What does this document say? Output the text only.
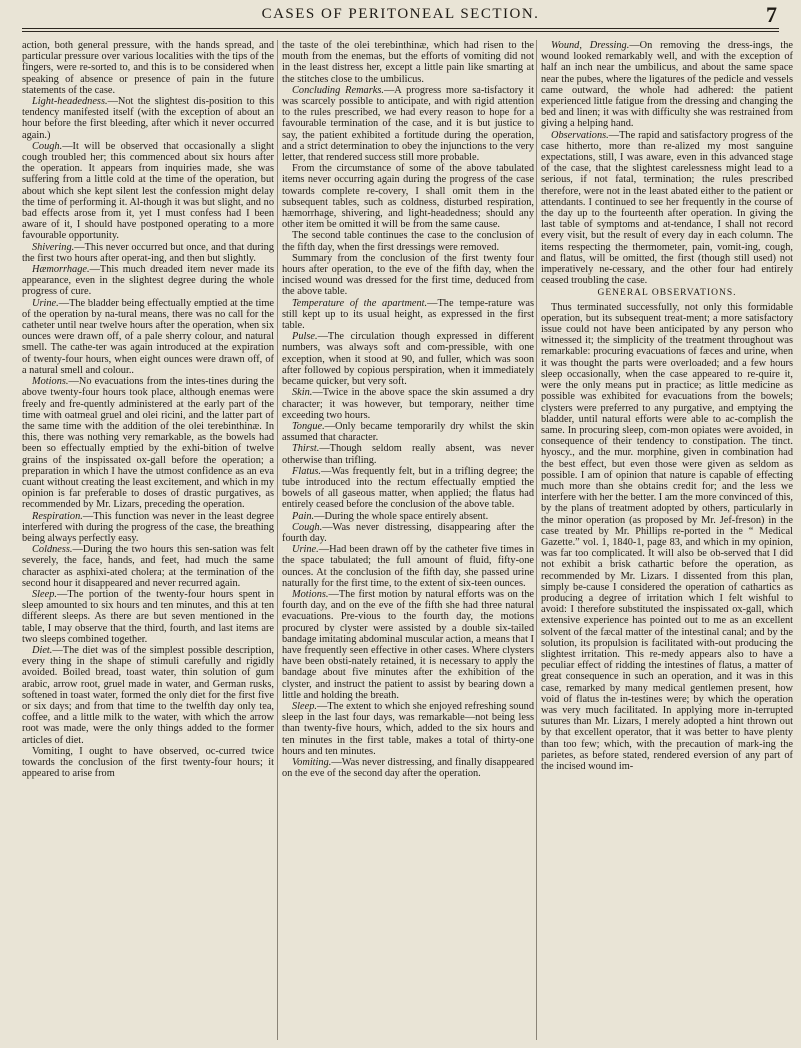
CASES OF PERITONEAL SECTION.	7

action, both general pressure, with the hands spread, and particular pressure over various localities with the tips of the fingers, were re-sorted to, and this is to be considered when speaking of absence or presence of pain in the future statements of the case.

Light-headedness.—Not the slightest dis-position to this tendency manifested itself (with the exception of about an hour before the first bleeding, after which it never occurred again.)

Cough.—It will be observed that occasionally a slight cough troubled her; this commenced about six hours after the operation. It appears from inquiries made, she was suffering from a little cold at the time of the operation, but about which she kept silent lest the confession might delay the time of performing it. Al-though it was but slight, and no bad effects arose from it, yet I must confess had I been aware of it, I should have postponed operating to a more favourable opportunity.

Shivering.—This never occurred but once, and that during the first two hours after operat-ing, and then but slightly.

Hæmorrhage.—This much dreaded item never made its appearance, even in the slightest degree during the whole progress of cure.

Urine.—The bladder being effectually emptied at the time of the operation by na-tural means, there was no call for the catheter until near twelve hours after the operation, when six ounces were drawn off, of a pale sherry colour, and natural smell. The cathe-ter was again introduced at the expiration of twenty-four hours, when eight ounces were drawn off, of a natural smell and colour..

Motions.—No evacuations from the intes-tines during the above twenty-four hours took place, although enemas were freely and fre-quently administered at the early part of the time with oatmeal gruel and olei ricini, and the latter part of the same time with the addition of the olei terebinthinæ. In this, there was nothing very remarkable, as the bowels had been so effectually emptied by the exhi-bition of twelve grains of the inspissated ox-gall before the operation; a preparation in which I have the utmost confidence as an eva cuant without creating the least excitement, and which in my opinion is far preferable to doses of drastic purgatives, as recommended by Mr. Lizars, preceding the operation.

Respiration.—This function was never in the least degree interfered with during the progress of the case, the breathing being always perfectly easy.

Coldness.—During the two hours this sen-sation was felt severely, the face, hands, and feet, had much the same character as asphixi-ated cholera; at the termination of the second hour it disappeared and never recurred again.

Sleep.—The portion of the twenty-four hours spent in sleep amounted to six hours and ten minutes, and this at ten different sleeps. As there are but seven mentioned in the table, I may observe that the third, fourth, and last items are two sleeps combined together.

Diet.—The diet was of the simplest possible description, every thing in the shape of stimuli carefully and rigidly avoided. Boiled bread, toast water, thin solution of gum arabic, arrow root, gruel made in water, and German rusks, softened in toast water, formed the only diet for the first five or six days; and from that time to the twelfth day only tea, coffee, and a little milk to the water, with which the arrow root was made, were the only things added to the former articles of diet.

Vomiting, I ought to have observed, oc-curred twice towards the conclusion of the first twenty-four hours; it appeared to arise from

the taste of the olei terebinthinæ, which had risen to the mouth from the enemas, but the efforts of vomiting did not in the least distress her, except a little pain like smarting at the stitches close to the umbilicus.

Concluding Remarks.—A progress more sa-tisfactory it was scarcely possible to anticipate, and with rigid attention to the rules prescribed, we had every reason to hope for a favourable termination of the case, and it is but justice to say, the patient exhibited a fortitude during the operation, and a strict determination to obey the injunctions to the very letter, that rendered success still more probable.

From the circumstance of some of the above tabulated items never occurring again during the progress of the case towards complete re-covery, I shall omit them in the subsequent tables, such as coldness, disturbed respiration, hæmorrhage, shivering, and light-headedness; should any other item be omitted it will be from the same cause.

The second table continues the case to the conclusion of the fifth day, when the first dressings were removed.

Summary from the conclusion of the first twenty four hours after operation, to the eve of the fifth day, when the incised wound was dressed for the first time, deduced from the above table.

Temperature of the apartment.—The tempe-rature was still kept up to its usual height, as expressed in the first table.

Pulse.—The circulation though expressed in different numbers, was always soft and com-pressible, with one exception, when it stood at 90, and fuller, which was soon after followed by copious perspiration, when it immediately became quicker, but very soft.

Skin.—Twice in the above space the skin assumed a dry character; it was however, but temporary, neither time exceeding two hours.

Tongue.—Only became temporarily dry whilst the skin assumed that character.

Thirst.—Though seldom really absent, was never otherwise than trifling.

Flatus.—Was frequently felt, but in a trifling degree; the tube introduced into the rectum effectually emptied the bowels of all gaseous matter, when applied; the flatus had entirely ceased before the conclusion of the above table.

Pain.—During the whole space entirely absent.

Cough.—Was never distressing, disappearing after the fourth day.

Urine.—Had been drawn off by the catheter five times in the space tabulated; the full amount of fluid, fifty-one ounces. At the conclusion of the fifth day, she passed urine naturally for the first time, to the extent of six-teen ounces.

Motions.—The first motion by natural efforts was on the fourth day, and on the eve of the fifth she had three natural evacuations. Pre-vious to the fourth day, the motions procured by clyster were assisted by a double six-tailed bandage imitating abdominal muscular action, a means that I have frequently seen effective in other cases. Where clysters have been obsti-nately retained, it is necessary to apply the bandage about five minutes after the exhibition of the clyster, and instruct the patient to assist by bearing down a little and holding the breath.

Sleep.—The extent to which she enjoyed refreshing sound sleep in the last four days, was remarkable—not being less than twenty-five hours, which, added to the six hours and ten minutes in the first table, makes a total of thirty-one hours and ten minutes.

Vomiting.—Was never distressing, and finally disappeared on the eve of the second day after the operation.

Wound, Dressing.—On removing the dress-ings, the wound looked remarkably well, and with the exception of half an inch near the umbilicus, and about the same space near the pubes, where the ligatures of the pedicle and vessels came outward, the whole had adhered: the patient experienced little fatigue from the dressing and changing the bed and linen; it was with difficulty she was restrained from giving a helping hand.

Observations.—The rapid and satisfactory progress of the case hitherto, more than re-alized my most sanguine expectations, still, I was aware, even in this advanced stage of the case, that the slightest carelessness might lead to a serious, if not fatal, termination; the rules prescribed therefore, were not in the least abated either to the patient or attendants. I continued to see her frequently in the course of the day up to the fourteenth after operation. In giving the last table of symptoms and at-tendance, I shall not record every visit, but the result of every day in each column. The items respecting the thermometer, pain, vomit-ing, cough, and flatus, will be omitted, the first (though still used) not imperatively ne-cessary, and the other four had entirely ceased troubling the case.

GENERAL OBSERVATIONS.

Thus terminated successfully, not only this formidable operation, but its subsequent treat-ment; a more satisfactory issue could not have been anticipated by any person who witnessed it; the simplicity of the treatment throughout was remarkable: procuring evacuations of fæces and urine, when it was thought the parts were overloaded; and a few hours sleep occasionally, when the case appeared to re-quire it, were the only means put in practice; as little medicine as possible was exhibited for evacuations from the bowels; clysters were preferred to any purgative, and emptying the bladder, until natural efforts were able to ac-complish the same. In procuring sleep, com-mon opiates were avoided, in consequence of their tendency to constipation. The tinct. hyoscy., and the mur. morphine, given in combination had the best effect, but even those were given as seldom as possible. I am of opinion that nature is capable of effecting much more than she obtains credit for; and the less we interfere with her the better. I am the more convinced of this, by the plans of treatment adopted by others, particularly in the minor operation (as proposed by Mr. Jef-freson) in the case treated by Mr. Phillips re-ported in the “ Medical Gazette.” vol. 1, 1840-1, page 83, and which in my opinion, was far too complicated. It will also be ob-served that I did not exhibit a brisk cathartic before the operation, as recommended by Mr. Lizars. I dissented from this plan, simply be-cause I considered the operation of cathartics as producing a degree of irritation which I felt wishful to avoid: I therefore substituted the inspissated ox-gall, which extensive experience has pointed out to me as an excellent solvent of the fæcal matter of the intestinal canal; and by the solution, its propulsion is facilitated with-out producing the slightest irritation. This re-medy appears also to have a peculiar effect of ridding the intestines of flatus, a matter of great consequence in such an operation, and it was in this case, remarked by many medical gentlemen present, how void of flatus the in-testines were; by which the operation was very much facilitated. In applying more in-terrupted sutures than Mr. Lizars, I merely adopted a hint thrown out by that excellent operator, that it was better to have plenty than too few; which, with the precaution of mark-ing the parietes, as before stated, rendered eversion of any part of the incised wound im-
